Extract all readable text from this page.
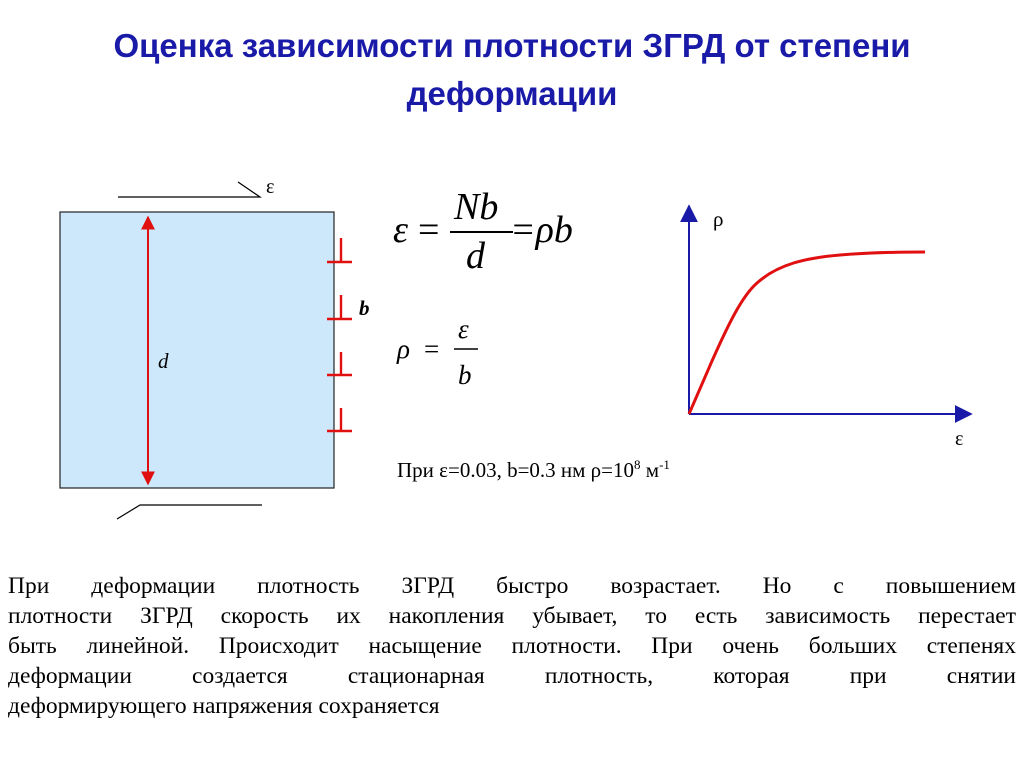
Оценка зависимости плотности ЗГРД от степени
деформации
ε
d
b
ε =
Nb
d
=ρb
ρ =
ε
b
ρ
ε
При ε=0.03, b=0.3 нм $\rho=10^8$ $м^{-1}$
При деформации плотность ЗГРД быстро возрастает. Но с повышением
плотности ЗГРД скорость их накопления убывает, то есть зависимость перестает
быть линейной. Происходит насыщение плотности. При очень больших степенях
деформации создается стационарная плотность, которая при снятии
деформирующего напряжения сохраняется
